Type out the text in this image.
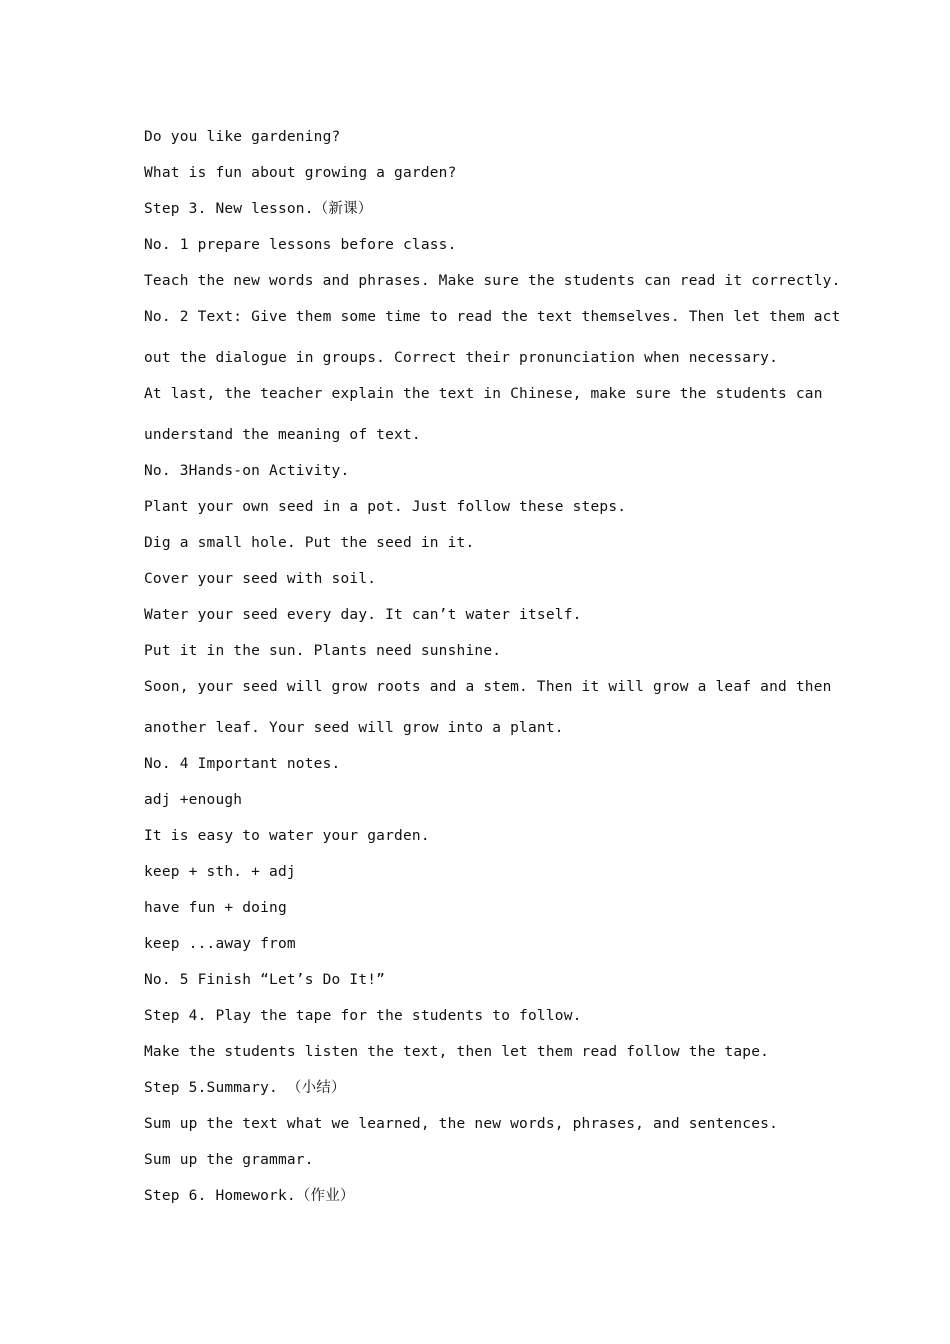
Do you like gardening?
What is fun about growing a garden?
Step 3. New lesson.（新课）
No. 1 prepare lessons before class.
Teach the new words and phrases. Make sure the students can read it correctly.
No. 2 Text: Give them some time to read the text themselves. Then let them act
out the dialogue in groups. Correct their pronunciation when necessary.
At last, the teacher explain the text in Chinese, make sure the students can
understand the meaning of text.
No. 3Hands-on Activity.
Plant your own seed in a pot. Just follow these steps.
Dig a small hole. Put the seed in it.
Cover your seed with soil.
Water your seed every day. It can’t water itself.
Put it in the sun. Plants need sunshine.
Soon, your seed will grow roots and a stem. Then it will grow a leaf and then
another leaf. Your seed will grow into a plant.
No. 4 Important notes.
adj +enough
It is easy to water your garden.
keep + sth. + adj
have fun + doing
keep ...away from
No. 5 Finish “Let’s Do It!”
Step 4. Play the tape for the students to follow.
Make the students listen the text, then let them read follow the tape.
Step 5.Summary. （小结）
Sum up the text what we learned, the new words, phrases, and sentences.
Sum up the grammar.
Step 6. Homework.（作业）
